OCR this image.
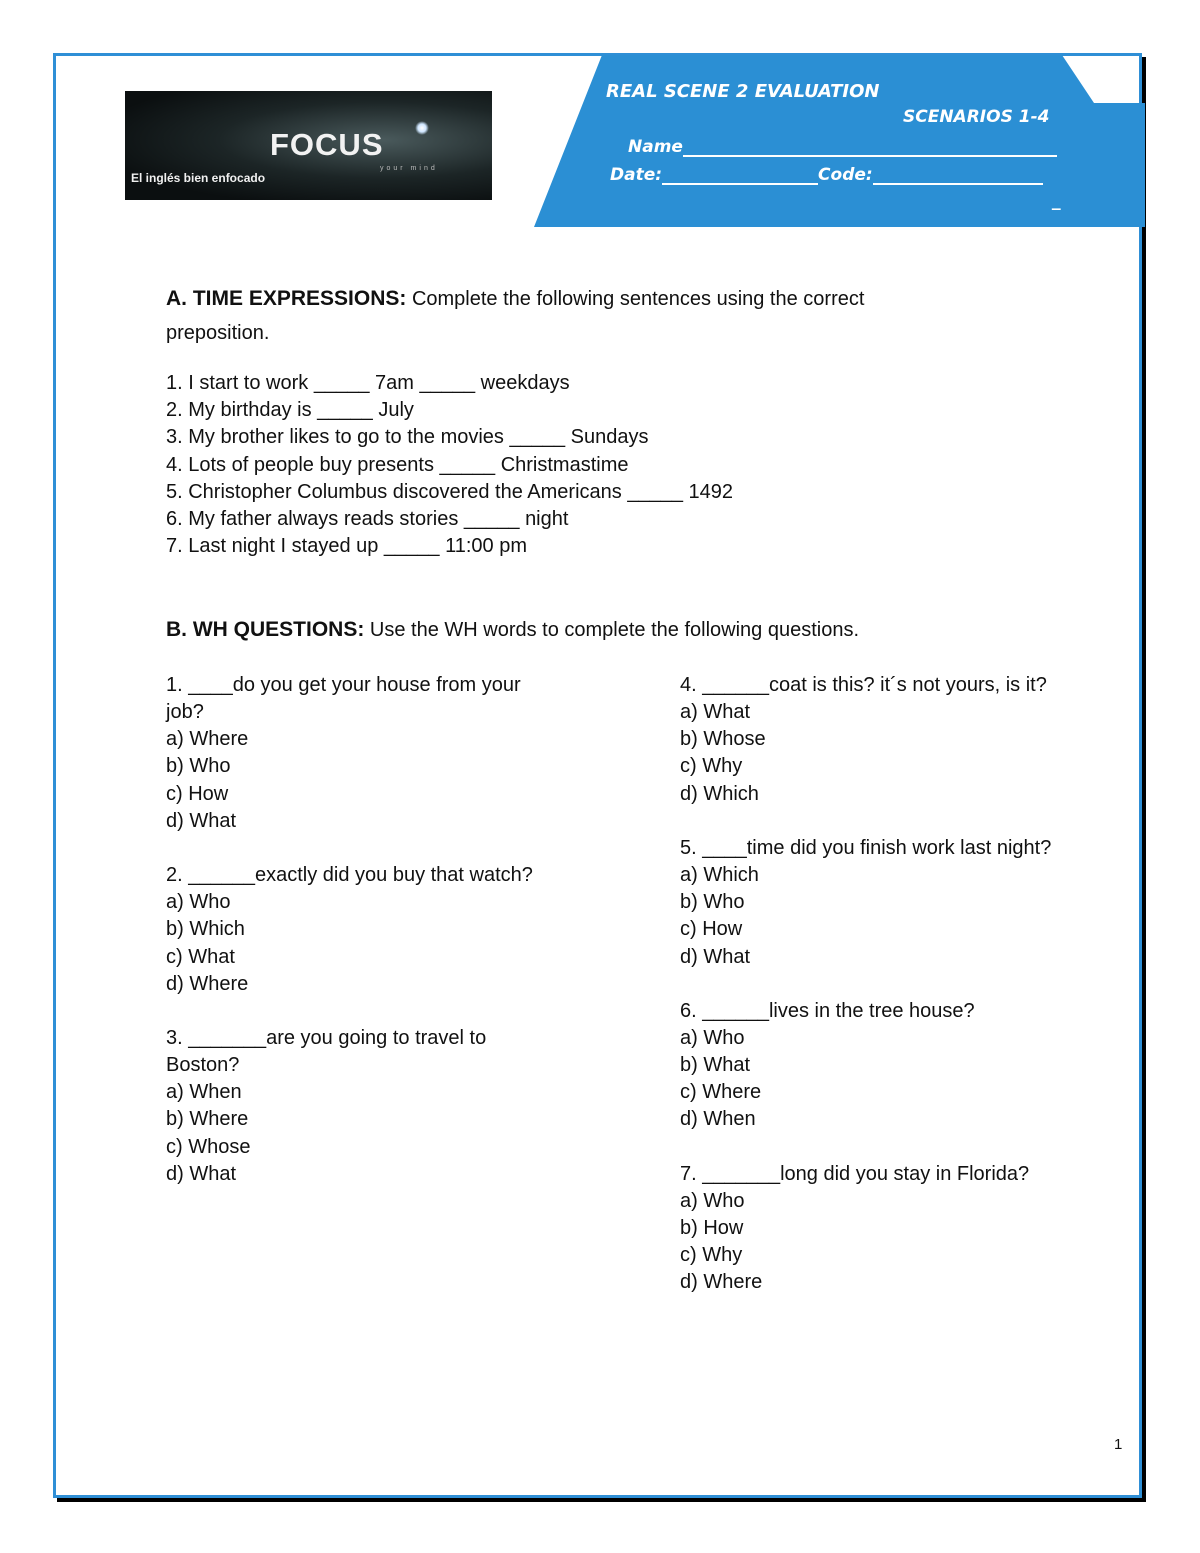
FOCUS
your mind
El inglés bien enfocado
REAL SCENE 2 EVALUATION
SCENARIOS 1-4
Name
Date:	Code:
_
A. TIME EXPRESSIONS: Complete the following sentences using the correct
preposition.
1. I start to work _____ 7am _____ weekdays
2. My birthday is _____ July
3. My brother likes to go to the movies _____ Sundays
4. Lots of people buy presents _____ Christmastime
5. Christopher Columbus discovered the Americans _____ 1492
6. My father always reads stories _____ night
7. Last night I stayed up _____ 11:00 pm
B. WH QUESTIONS: Use the WH words to complete the following questions.
1. ____do you get your house from your
job?
a) Where
b) Who
c) How
d) What
2. ______exactly did you buy that watch?
a) Who
b) Which
c) What
d) Where
3. _______are you going to travel to
Boston?
a) When
b) Where
c) Whose
d) What
4. ______coat is this? it´s not yours, is it?
a) What
b) Whose
c) Why
d) Which
5. ____time did you finish work last night?
a) Which
b) Who
c) How
d) What
6. ______lives in the tree house?
a) Who
b) What
c) Where
d) When
7. _______long did you stay in Florida?
a) Who
b) How
c) Why
d) Where
1
